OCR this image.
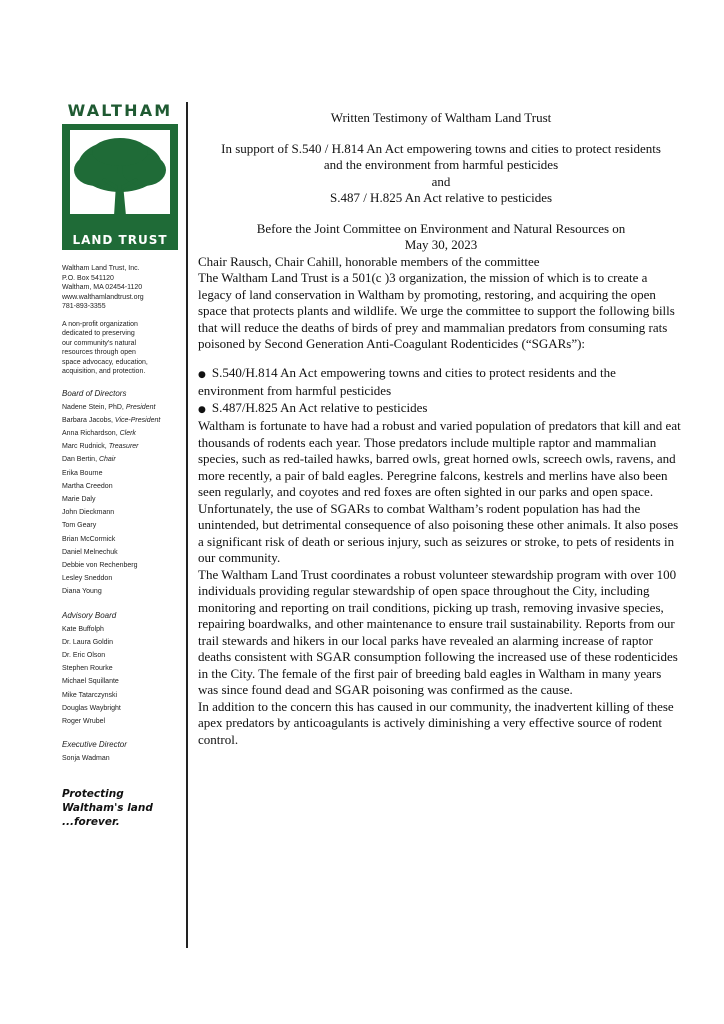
WALTHAM
LAND TRUST
Waltham Land Trust, Inc.
P.O. Box 541120
Waltham, MA 02454-1120
www.walthamlandtrust.org
781-893-3355
A non-profit organization
dedicated to preserving
our community's natural
resources through open
space advocacy, education,
acquisition, and protection.
Board of Directors
Nadene Stein, PhD, President
Barbara Jacobs, Vice-President
Anna Richardson, Clerk
Marc Rudnick, Treasurer
Dan Bertin, Chair
Erika Bourne
Martha Creedon
Marie Daly
John Dieckmann
Tom Geary
Brian McCormick
Daniel Melnechuk
Debbie von Rechenberg
Lesley Sneddon
Diana Young
Advisory Board
Kate Buffolph
Dr. Laura Goldin
Dr. Eric Olson
Stephen Rourke
Michael Squillante
Mike Tatarczynski
Douglas Waybright
Roger Wrubel
Executive Director
Sonja Wadman
Protecting
Waltham's land
...forever.

Written Testimony of Waltham Land Trust

In support of S.540 / H.814 An Act empowering towns and cities to protect residents

and the environment from harmful pesticides

and

S.487 / H.825 An Act relative to pesticides

Before the Joint Committee on Environment and Natural Resources on

May 30, 2023

Chair Rausch, Chair Cahill, honorable members of the committee

The Waltham Land Trust is a 501(c )3 organization, the mission of which is to create a legacy of land conservation in Waltham by promoting, restoring, and acquiring the open space that protects plants and wildlife. We urge the committee to support the following bills that will reduce the deaths of birds of prey and mammalian predators from consuming rats poisoned by Second Generation Anti-Coagulant Rodenticides (“SGARs”):

● S.540/H.814 An Act empowering towns and cities to protect residents and the environment from harmful pesticides
● S.487/H.825 An Act relative to pesticides

Waltham is fortunate to have had a robust and varied population of predators that kill and eat thousands of rodents each year. Those predators include multiple raptor and mammalian species, such as red-tailed hawks, barred owls, great horned owls, screech owls, ravens, and more recently, a pair of bald eagles. Peregrine falcons, kestrels and merlins have also been seen regularly, and coyotes and red foxes are often sighted in our parks and open space. Unfortunately, the use of SGARs to combat Waltham’s rodent population has had the unintended, but detrimental consequence of also poisoning these other animals. It also poses a significant risk of death or serious injury, such as seizures or stroke, to pets of residents in our community.

The Waltham Land Trust coordinates a robust volunteer stewardship program with over 100 individuals providing regular stewardship of open space throughout the City, including monitoring and reporting on trail conditions, picking up trash, removing invasive species, repairing boardwalks, and other maintenance to ensure trail sustainability. Reports from our trail stewards and hikers in our local parks have revealed an alarming increase of raptor deaths consistent with SGAR consumption following the increased use of these rodenticides in the City. The female of the first pair of breeding bald eagles in Waltham in many years was since found dead and SGAR poisoning was confirmed as the cause.

In addition to the concern this has caused in our community, the inadvertent killing of these apex predators by anticoagulants is actively diminishing a very effective source of rodent control.
